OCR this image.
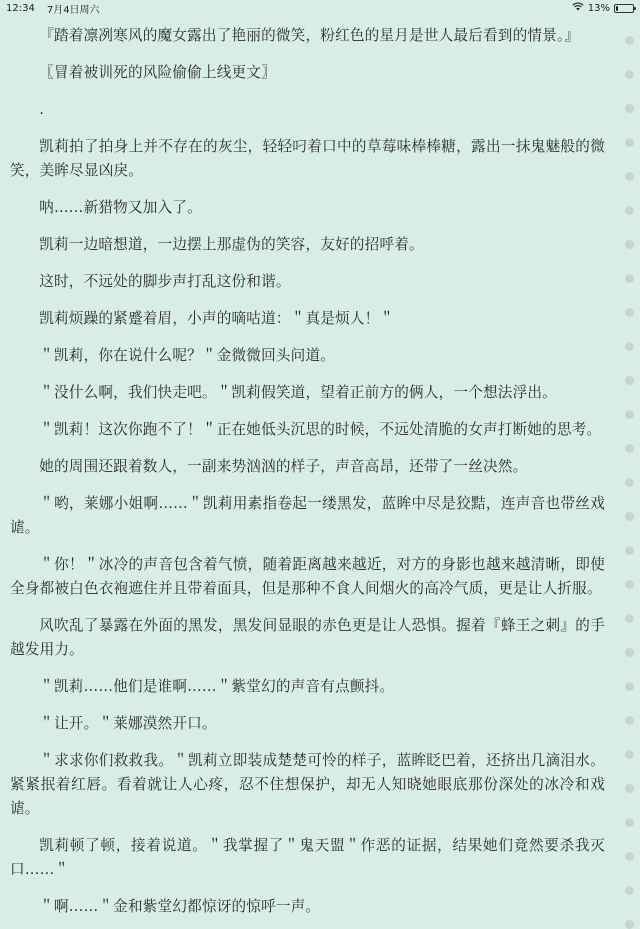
12:34 7月4日周六	13%

『踏着凛冽寒风的魔女露出了艳丽的微笑，粉红色的星月是世人最后看到的情景。』

〖冒着被训死的风险偷偷上线更文〗

.

凯莉拍了拍身上并不存在的灰尘，轻轻叼着口中的草莓味棒棒糖，露出一抹鬼魅般的微笑，美眸尽显凶戾。

呐……新猎物又加入了。

凯莉一边暗想道，一边摆上那虚伪的笑容，友好的招呼着。

这时，不远处的脚步声打乱这份和谐。

凯莉烦躁的紧蹙着眉，小声的嘀咕道：＂真是烦人！＂

＂凯莉，你在说什么呢？＂金微微回头问道。

＂没什么啊，我们快走吧。＂凯莉假笑道，望着正前方的俩人，一个想法浮出。

＂凯莉！这次你跑不了！＂正在她低头沉思的时候，不远处清脆的女声打断她的思考。

她的周围还跟着数人，一副来势汹汹的样子，声音高昂，还带了一丝决然。

＂哟，莱娜小姐啊……＂凯莉用素指卷起一缕黑发，蓝眸中尽是狡黠，连声音也带丝戏谑。

＂你！＂冰冷的声音包含着气愤，随着距离越来越近，对方的身影也越来越清晰，即使全身都被白色衣袍遮住并且带着面具，但是那种不食人间烟火的高冷气质，更是让人折服。

风吹乱了暴露在外面的黑发，黑发间显眼的赤色更是让人恐惧。握着『蜂王之刺』的手越发用力。

＂凯莉……他们是谁啊……＂紫堂幻的声音有点颤抖。

＂让开。＂莱娜漠然开口。

＂求求你们救救我。＂凯莉立即装成楚楚可怜的样子，蓝眸眨巴着，还挤出几滴泪水。紧紧抿着红唇。看着就让人心疼，忍不住想保护，却无人知晓她眼底那份深处的冰冷和戏谑。

凯莉顿了顿，接着说道。＂我掌握了＂鬼天盟＂作恶的证据，结果她们竟然要杀我灭口……＂

＂啊……＂金和紫堂幻都惊讶的惊呼一声。
